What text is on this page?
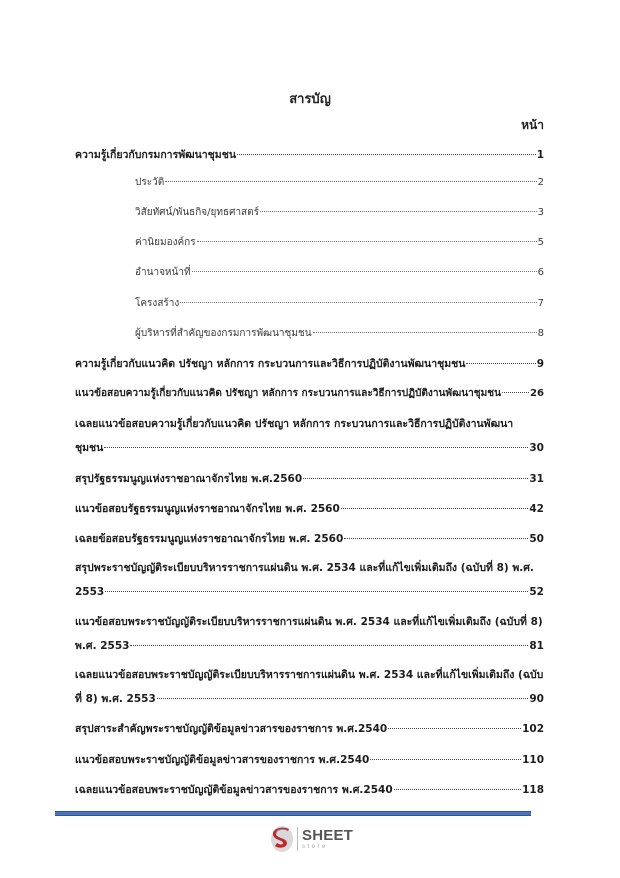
สารบัญ
หน้า
ความรู้เกี่ยวกับกรมการพัฒนาชุมชน	1
ประวัติ	2
วิสัยทัศน์/พันธกิจ/ยุทธศาสตร์	3
ค่านิยมองค์กร	5
อำนาจหน้าที่	6
โครงสร้าง	7
ผู้บริหารที่สำคัญของกรมการพัฒนาชุมชน	8
ความรู้เกี่ยวกับแนวคิด ปรัชญา หลักการ กระบวนการและวิธีการปฏิบัติงานพัฒนาชุมชน	9
แนวข้อสอบความรู้เกี่ยวกับแนวคิด ปรัชญา หลักการ กระบวนการและวิธีการปฏิบัติงานพัฒนาชุมชน	26
เฉลยแนวข้อสอบความรู้เกี่ยวกับแนวคิด ปรัชญา หลักการ กระบวนการและวิธีการปฏิบัติงานพัฒนา
ชุมชน	30
สรุปรัฐธรรมนูญแห่งราชอาณาจักรไทย พ.ศ.2560	31
แนวข้อสอบรัฐธรรมนูญแห่งราชอาณาจักรไทย พ.ศ. 2560	42
เฉลยข้อสอบรัฐธรรมนูญแห่งราชอาณาจักรไทย พ.ศ. 2560	50
สรุปพระราชบัญญัติระเบียบบริหารราชการแผ่นดิน พ.ศ. 2534 และที่แก้ไขเพิ่มเติมถึง (ฉบับที่ 8) พ.ศ.
2553	52
แนวข้อสอบพระราชบัญญัติระเบียบบริหารราชการแผ่นดิน พ.ศ. 2534 และที่แก้ไขเพิ่มเติมถึง (ฉบับที่ 8)
พ.ศ. 2553	81
เฉลยแนวข้อสอบพระราชบัญญัติระเบียบบริหารราชการแผ่นดิน พ.ศ. 2534 และที่แก้ไขเพิ่มเติมถึง (ฉบับ
ที่ 8) พ.ศ. 2553	90
สรุปสาระสำคัญพระราชบัญญัติข้อมูลข่าวสารของราชการ พ.ศ.2540	102
แนวข้อสอบพระราชบัญญัติข้อมูลข่าวสารของราชการ พ.ศ.2540	110
เฉลยแนวข้อสอบพระราชบัญญัติข้อมูลข่าวสารของราชการ พ.ศ.2540	118
SHEET
store
